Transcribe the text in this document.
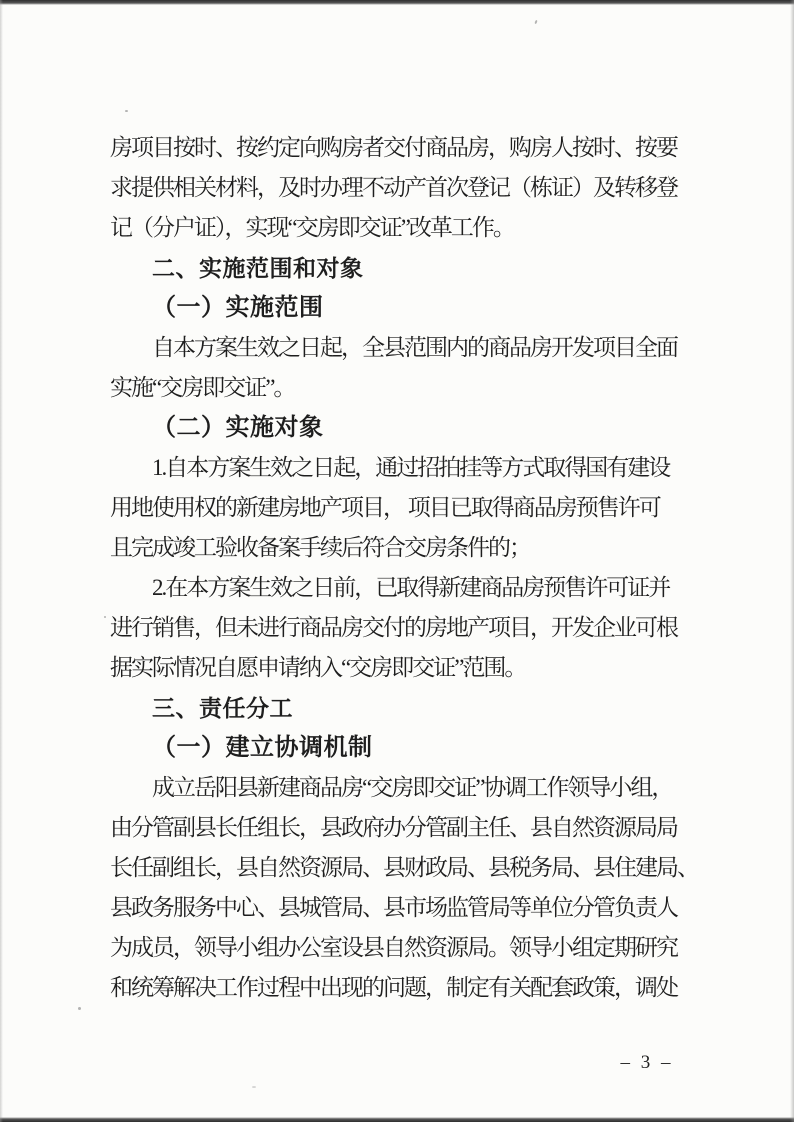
房项目按时、按约定向购房者交付商品房，购房人按时、按要
求提供相关材料，及时办理不动产首次登记（栋证）及转移登
记（分户证），实现“交房即交证”改革工作。
二、实施范围和对象
（一）实施范围
自本方案生效之日起，全县范围内的商品房开发项目全面
实施“交房即交证”。
（二）实施对象
1.自本方案生效之日起，通过招拍挂等方式取得国有建设
用地使用权的新建房地产项目， 项目已取得商品房预售许可
且完成竣工验收备案手续后符合交房条件的；
2.在本方案生效之日前，已取得新建商品房预售许可证并
进行销售，但未进行商品房交付的房地产项目，开发企业可根
据实际情况自愿申请纳入“交房即交证”范围。
三、责任分工
（一）建立协调机制
成立岳阳县新建商品房“交房即交证”协调工作领导小组，
由分管副县长任组长，县政府办分管副主任、县自然资源局局
长任副组长，县自然资源局、县财政局、县税务局、县住建局、
县政务服务中心、县城管局、县市场监管局等单位分管负责人
为成员，领导小组办公室设县自然资源局。领导小组定期研究
和统筹解决工作过程中出现的问题，制定有关配套政策，调处
– 3 –
